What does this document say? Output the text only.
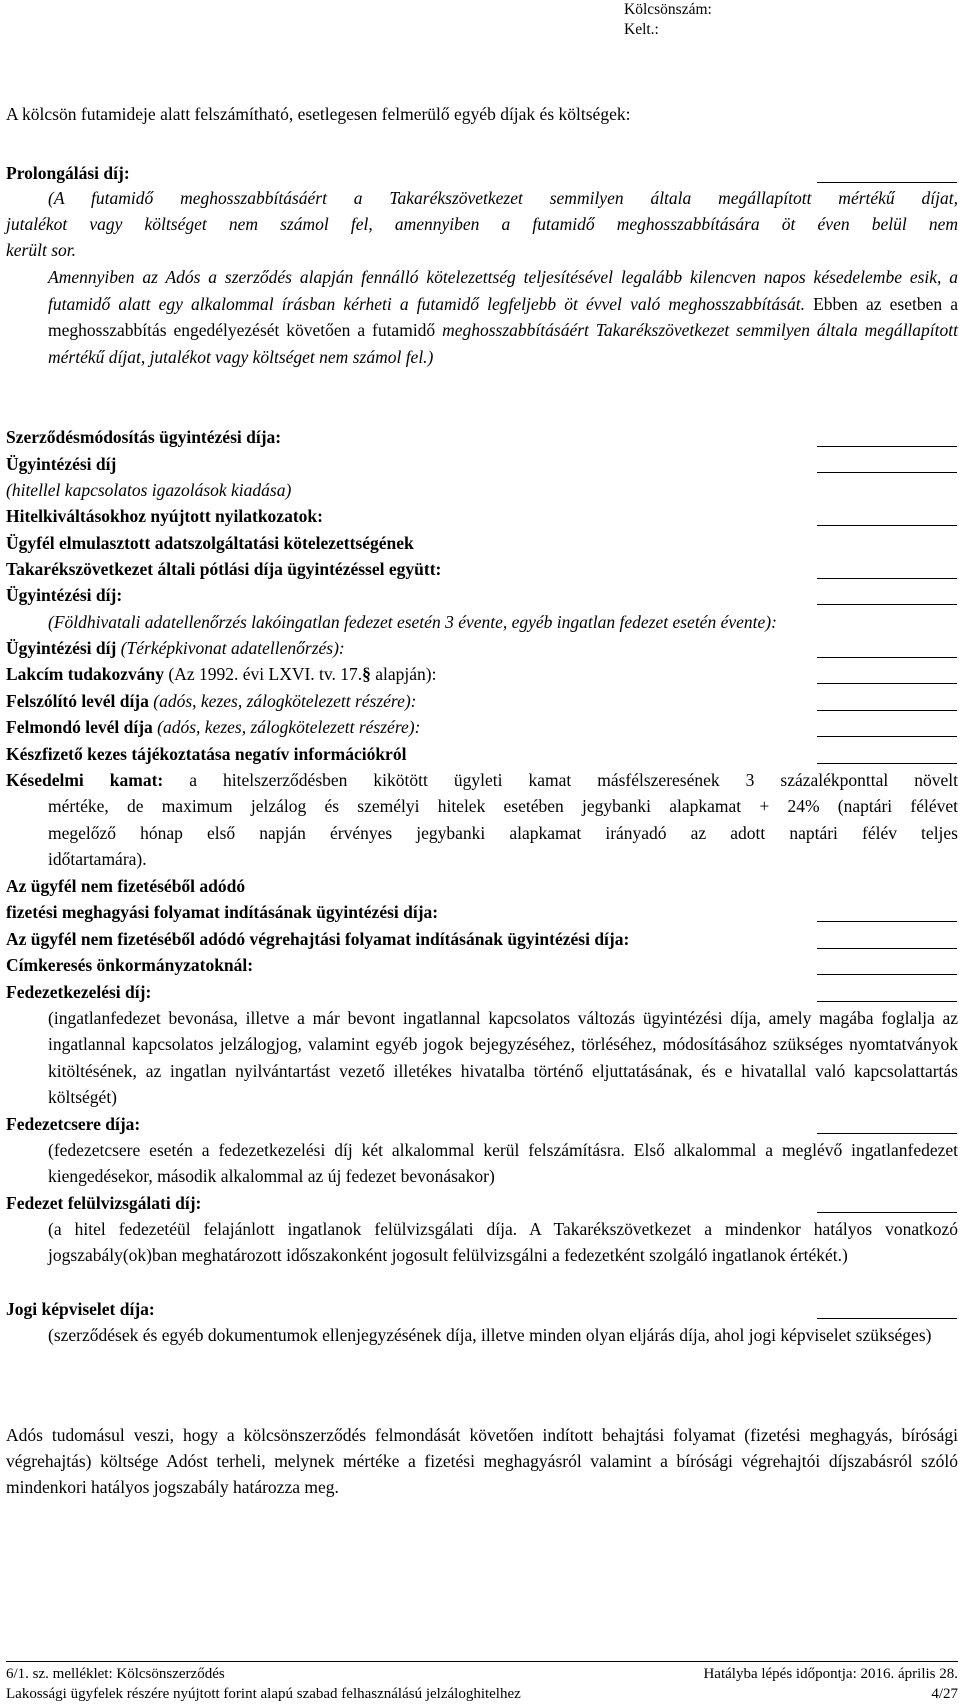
Kölcsönszám:
Kelt.:
A kölcsön futamideje alatt felszámítható, esetlegesen felmerülő egyéb díjak és költségek:
Prolongálási díj:
(A futamidő meghosszabbításáért a Takarékszövetkezet semmilyen általa megállapított mértékű díjat,
jutalékot vagy költséget nem számol fel, amennyiben a futamidő meghosszabbítására öt éven belül nem
került sor.
Amennyiben az Adós a szerződés alapján fennálló kötelezettség teljesítésével legalább kilencven napos késedelembe esik, a futamidő alatt egy alkalommal írásban kérheti a futamidő legfeljebb öt évvel való meghosszabbítását. Ebben az esetben a meghosszabbítás engedélyezését követően a futamidő meghosszabbításáért Takarékszövetkezet semmilyen általa megállapított mértékű díjat, jutalékot vagy költséget nem számol fel.)
Szerződésmódosítás ügyintézési díja:
Ügyintézési díj
(hitellel kapcsolatos igazolások kiadása)
Hitelkiváltásokhoz nyújtott nyilatkozatok:
Ügyfél elmulasztott adatszolgáltatási kötelezettségének
Takarékszövetkezet általi pótlási díja ügyintézéssel együtt:
Ügyintézési díj:
(Földhivatali adatellenőrzés lakóingatlan fedezet esetén 3 évente, egyéb ingatlan fedezet esetén évente):
Ügyintézési díj (Térképkivonat adatellenőrzés):
Lakcím tudakozvány (Az 1992. évi LXVI. tv. 17.§ alapján):
Felszólító levél díja (adós, kezes, zálogkötelezett részére):
Felmondó levél díja (adós, kezes, zálogkötelezett részére):
Készfizető kezes tájékoztatása negatív információkról
Késedelmi kamat: a hitelszerződésben kikötött ügyleti kamat másfélszeresének 3 százalékponttal növelt
mértéke, de maximum jelzálog és személyi hitelek esetében jegybanki alapkamat + 24% (naptári félévet
megelőző hónap első napján érvényes jegybanki alapkamat irányadó az adott naptári félév teljes
időtartamára).
Az ügyfél nem fizetéséből adódó
fizetési meghagyási folyamat indításának ügyintézési díja:
Az ügyfél nem fizetéséből adódó végrehajtási folyamat indításának ügyintézési díja:
Címkeresés önkormányzatoknál:
Fedezetkezelési díj:
(ingatlanfedezet bevonása, illetve a már bevont ingatlannal kapcsolatos változás ügyintézési díja, amely magába foglalja az ingatlannal kapcsolatos jelzálogjog, valamint egyéb jogok bejegyzéséhez, törléséhez, módosításához szükséges nyomtatványok kitöltésének, az ingatlan nyilvántartást vezető illetékes hivatalba történő eljuttatásának, és e hivatallal való kapcsolattartás költségét)
Fedezetcsere díja:
(fedezetcsere esetén a fedezetkezelési díj két alkalommal kerül felszámításra. Első alkalommal a meglévő ingatlanfedezet kiengedésekor, második alkalommal az új fedezet bevonásakor)
Fedezet felülvizsgálati díj:
(a hitel fedezetéül felajánlott ingatlanok felülvizsgálati díja. A Takarékszövetkezet a mindenkor hatályos vonatkozó jogszabály(ok)ban meghatározott időszakonként jogosult felülvizsgálni a fedezetként szolgáló ingatlanok értékét.)
Jogi képviselet díja:
(szerződések és egyéb dokumentumok ellenjegyzésének díja, illetve minden olyan eljárás díja, ahol jogi képviselet szükséges)
Adós tudomásul veszi, hogy a kölcsönszerződés felmondását követően indított behajtási folyamat (fizetési meghagyás, bírósági végrehajtás) költsége Adóst terheli, melynek mértéke a fizetési meghagyásról valamint a bírósági végrehajtói díjszabásról szóló mindenkori hatályos jogszabály határozza meg.
6/1. sz. melléklet: Kölcsönszerződés	Hatályba lépés időpontja: 2016. április 28.
Lakossági ügyfelek részére nyújtott forint alapú szabad felhasználású jelzáloghitelhez	4/27
